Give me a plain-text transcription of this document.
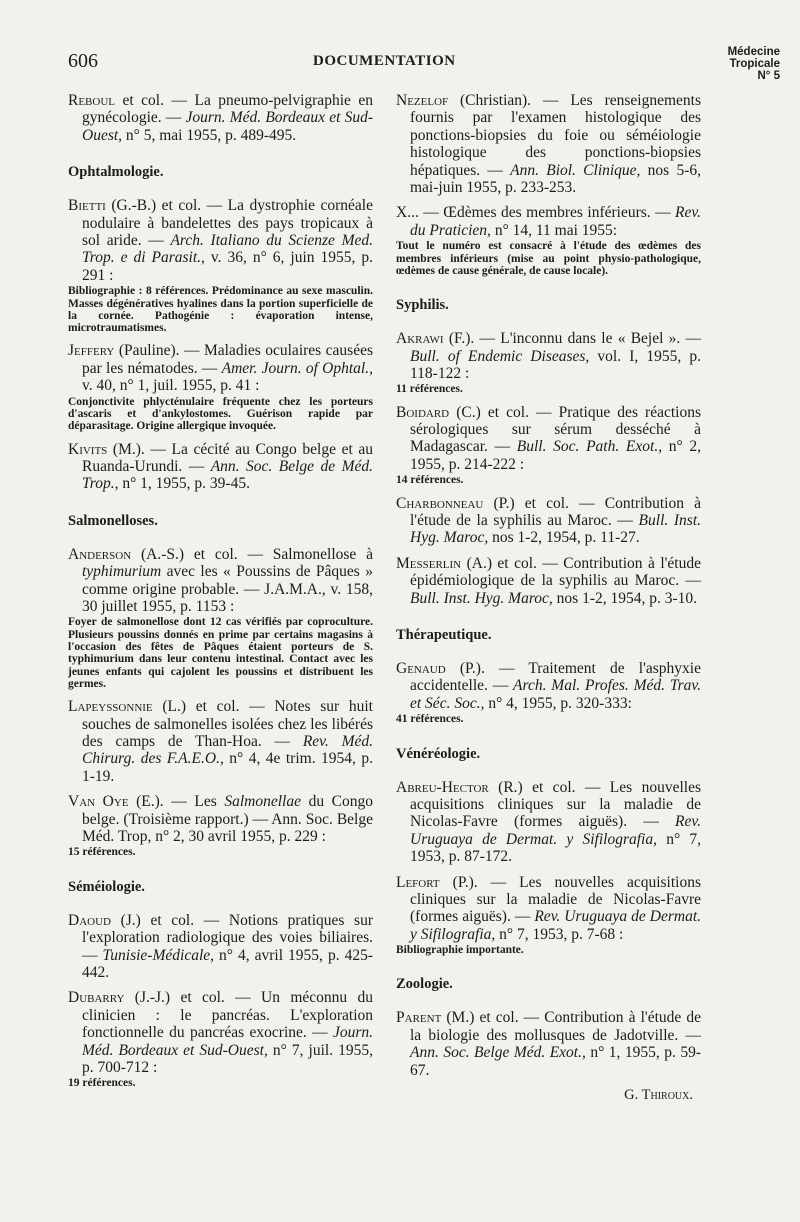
606	DOCUMENTATION
Médecine
Tropicale
N° 5

Reboul et col. — La pneumo-pelvigraphie en gynécologie. — Journ. Méd. Bordeaux et Sud-Ouest, n° 5, mai 1955, p. 489-495.

Ophtalmologie.

Bietti (G.-B.) et col. — La dystrophie cornéale nodulaire à bandelettes des pays tropicaux à sol aride. — Arch. Italiano du Scienze Med. Trop. e di Parasit., v. 36, n° 6, juin 1955, p. 291 :
Bibliographie : 8 références. Prédominance au sexe masculin. Masses dégénératives hyalines dans la portion superficielle de la cornée. Pathogénie : évaporation intense, microtraumatismes.

Jeffery (Pauline). — Maladies oculaires causées par les nématodes. — Amer. Journ. of Ophtal., v. 40, n° 1, juil. 1955, p. 41 :
Conjonctivite phlycténulaire fréquente chez les porteurs d'ascaris et d'ankylostomes. Guérison rapide par déparasitage. Origine allergique invoquée.

Kivits (M.). — La cécité au Congo belge et au Ruanda-Urundi. — Ann. Soc. Belge de Méd. Trop., n° 1, 1955, p. 39-45.

Salmonelloses.

Anderson (A.-S.) et col. — Salmonellose à typhimurium avec les « Poussins de Pâques » comme origine probable. — J.A.M.A., v. 158, 30 juillet 1955, p. 1153 :
Foyer de salmonellose dont 12 cas vérifiés par coproculture. Plusieurs poussins donnés en prime par certains magasins à l'occasion des fêtes de Pâques étaient porteurs de S. typhimurium dans leur contenu intestinal. Contact avec les jeunes enfants qui cajolent les poussins et distribuent les germes.

Lapeyssonnie (L.) et col. — Notes sur huit souches de salmonelles isolées chez les libérés des camps de Than-Hoa. — Rev. Méd. Chirurg. des F.A.E.O., n° 4, 4e trim. 1954, p. 1-19.

Van Oye (E.). — Les Salmonellae du Congo belge. (Troisième rapport.) — Ann. Soc. Belge Méd. Trop, n° 2, 30 avril 1955, p. 229 :
15 références.

Séméiologie.

Daoud (J.) et col. — Notions pratiques sur l'exploration radiologique des voies biliaires. — Tunisie-Médicale, n° 4, avril 1955, p. 425-442.

Dubarry (J.-J.) et col. — Un méconnu du clinicien : le pancréas. L'exploration fonctionnelle du pancréas exocrine. — Journ. Méd. Bordeaux et Sud-Ouest, n° 7, juil. 1955, p. 700-712 :
19 références.

Nezelof (Christian). — Les renseignements fournis par l'examen histologique des ponctions-biopsies du foie ou séméiologie histologique des ponctions-biopsies hépatiques. — Ann. Biol. Clinique, nos 5-6, mai-juin 1955, p. 233-253.

X... — Œdèmes des membres inférieurs. — Rev. du Praticien, n° 14, 11 mai 1955:
Tout le numéro est consacré à l'étude des œdèmes des membres inférieurs (mise au point physio-pathologique, œdèmes de cause générale, de cause locale).

Syphilis.

Akrawi (F.). — L'inconnu dans le « Bejel ». — Bull. of Endemic Diseases, vol. I, 1955, p. 118-122 :
11 références.

Boidard (C.) et col. — Pratique des réactions sérologiques sur sérum desséché à Madagascar. — Bull. Soc. Path. Exot., n° 2, 1955, p. 214-222 :
14 références.

Charbonneau (P.) et col. — Contribution à l'étude de la syphilis au Maroc. — Bull. Inst. Hyg. Maroc, nos 1-2, 1954, p. 11-27.

Messerlin (A.) et col. — Contribution à l'étude épidémiologique de la syphilis au Maroc. — Bull. Inst. Hyg. Maroc, nos 1-2, 1954, p. 3-10.

Thérapeutique.

Genaud (P.). — Traitement de l'asphyxie accidentelle. — Arch. Mal. Profes. Méd. Trav. et Séc. Soc., n° 4, 1955, p. 320-333:
41 références.

Vénéréologie.

Abreu-Hector (R.) et col. — Les nouvelles acquisitions cliniques sur la maladie de Nicolas-Favre (formes aiguës). — Rev. Uruguaya de Dermat. y Sifilografia, n° 7, 1953, p. 87-172.

Lefort (P.). — Les nouvelles acquisitions cliniques sur la maladie de Nicolas-Favre (formes aiguës). — Rev. Uruguaya de Dermat. y Sifilografia, n° 7, 1953, p. 7-68 :
Bibliographie importante.

Zoologie.

Parent (M.) et col. — Contribution à l'étude de la biologie des mollusques de Jadotville. — Ann. Soc. Belge Méd. Exot., n° 1, 1955, p. 59-67.

G. Thiroux.
